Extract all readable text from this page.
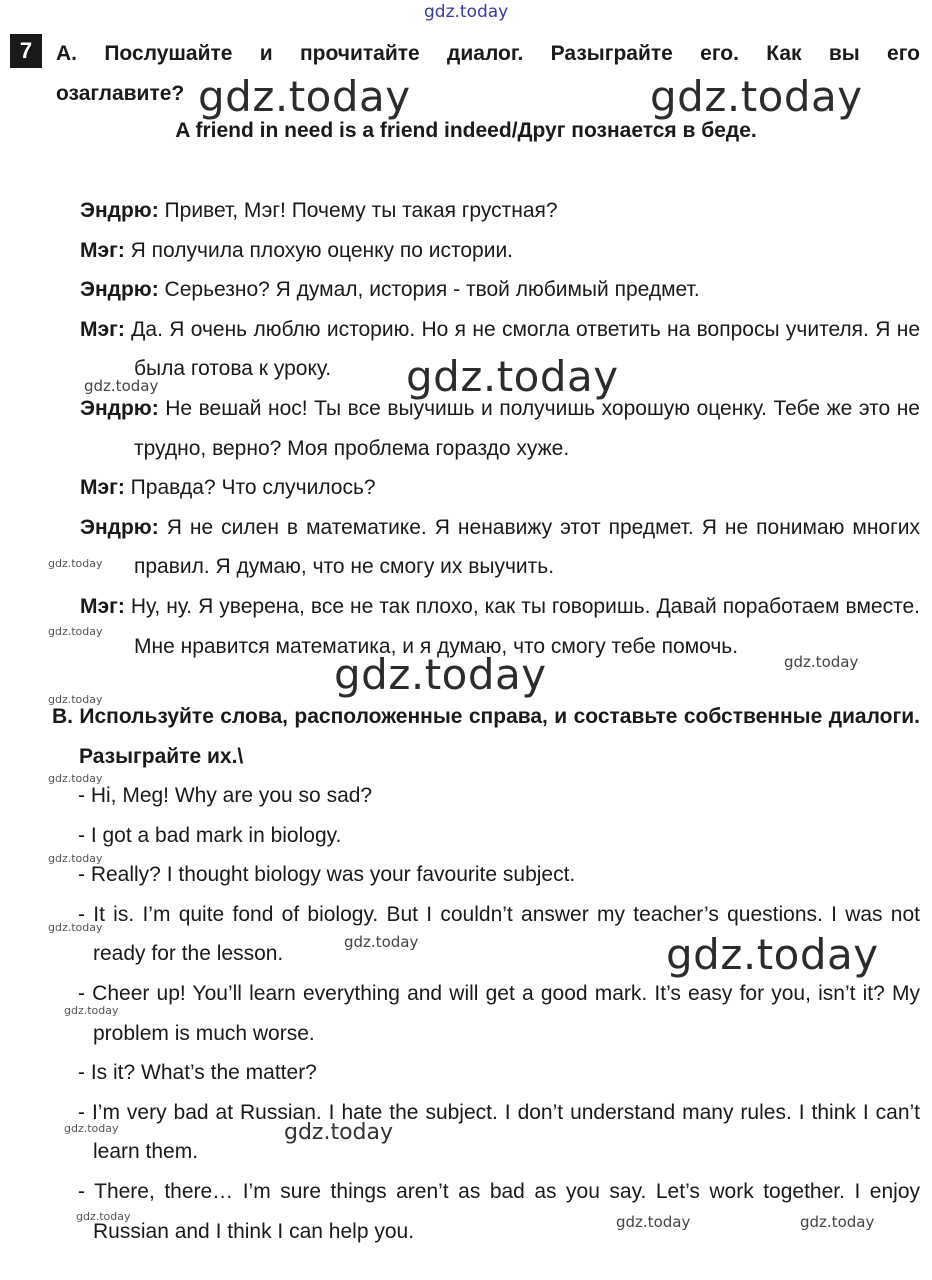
gdz.today
7	A. Послушайте и прочитайте диалог. Разыграйте его. Как вы его
озаглавите?
A friend in need is a friend indeed/Друг познается в беде.
Эндрю: Привет, Мэг! Почему ты такая грустная?
Мэг: Я получила плохую оценку по истории.
Эндрю: Серьезно? Я думал, история - твой любимый предмет.
Мэг: Да. Я очень люблю историю. Но я не смогла ответить на вопросы учителя. Я не была готова к уроку.
Эндрю: Не вешай нос! Ты все выучишь и получишь хорошую оценку. Тебе же это не трудно, верно? Моя проблема гораздо хуже.
Мэг: Правда? Что случилось?
Эндрю: Я не силен в математике. Я ненавижу этот предмет. Я не понимаю многих правил. Я думаю, что не смогу их выучить.
Мэг: Ну, ну. Я уверена, все не так плохо, как ты говоришь. Давай поработаем вместе. Мне нравится математика, и я думаю, что смогу тебе помочь.
B. Используйте слова, расположенные справа, и составьте собственные диалоги. Разыграйте их.\
- Hi, Meg! Why are you so sad?
- I got a bad mark in biology.
- Really? I thought biology was your favourite subject.
- It is. I’m quite fond of biology. But I couldn’t answer my teacher’s questions. I was not ready for the lesson.
- Cheer up! You’ll learn everything and will get a good mark. It’s easy for you, isn’t it? My problem is much worse.
- Is it? What’s the matter?
- I’m very bad at Russian. I hate the subject. I don’t understand many rules. I think I can’t learn them.
- There, there… I’m sure things aren’t as bad as you say. Let’s work together. I enjoy Russian and I think I can help you.
gdz.today	gdz.today
gdz.today
gdz.today
gdz.today
gdz.today
gdz.today	gdz.today
gdz.today
gdz.today
gdz.today
gdz.today
gdz.today	gdz.today
gdz.today
gdz.today	gdz.today
gdz.today	gdz.today	gdz.today
